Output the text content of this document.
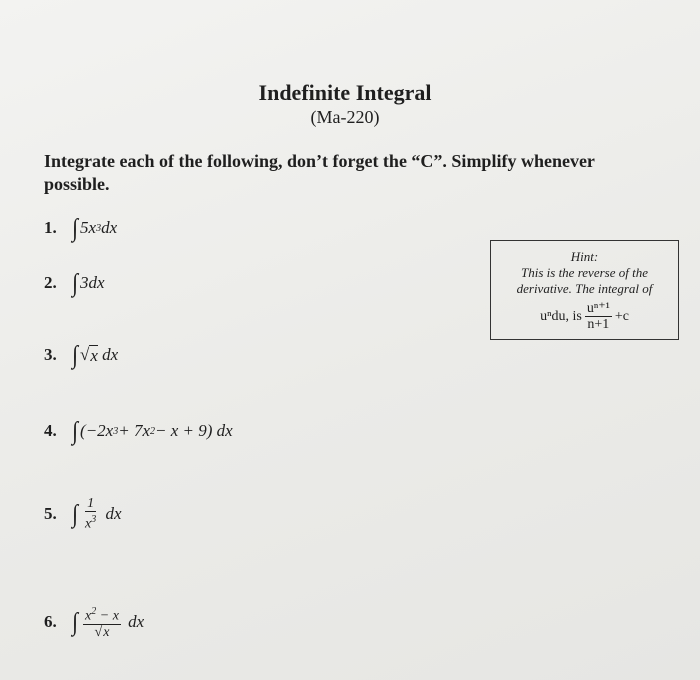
Indefinite Integral
(Ma-220)
Integrate each of the following, don’t forget the “C”. Simplify whenever possible.
1. ∫ 5x 3 dx
2. ∫ 3dx
3. ∫ √ x dx
4. ∫ (−2x 3 + 7x 2 − x + 9) dx
5. ∫ $\frac{1}{x^3}$ dx
6. ∫ $\frac{x^2 - x}{√x}$ dx
Hint:
This is the reverse of the
derivative. The integral of
uⁿdu, is $\frac{\text{uⁿ⁺¹}}{n+1} +c$
